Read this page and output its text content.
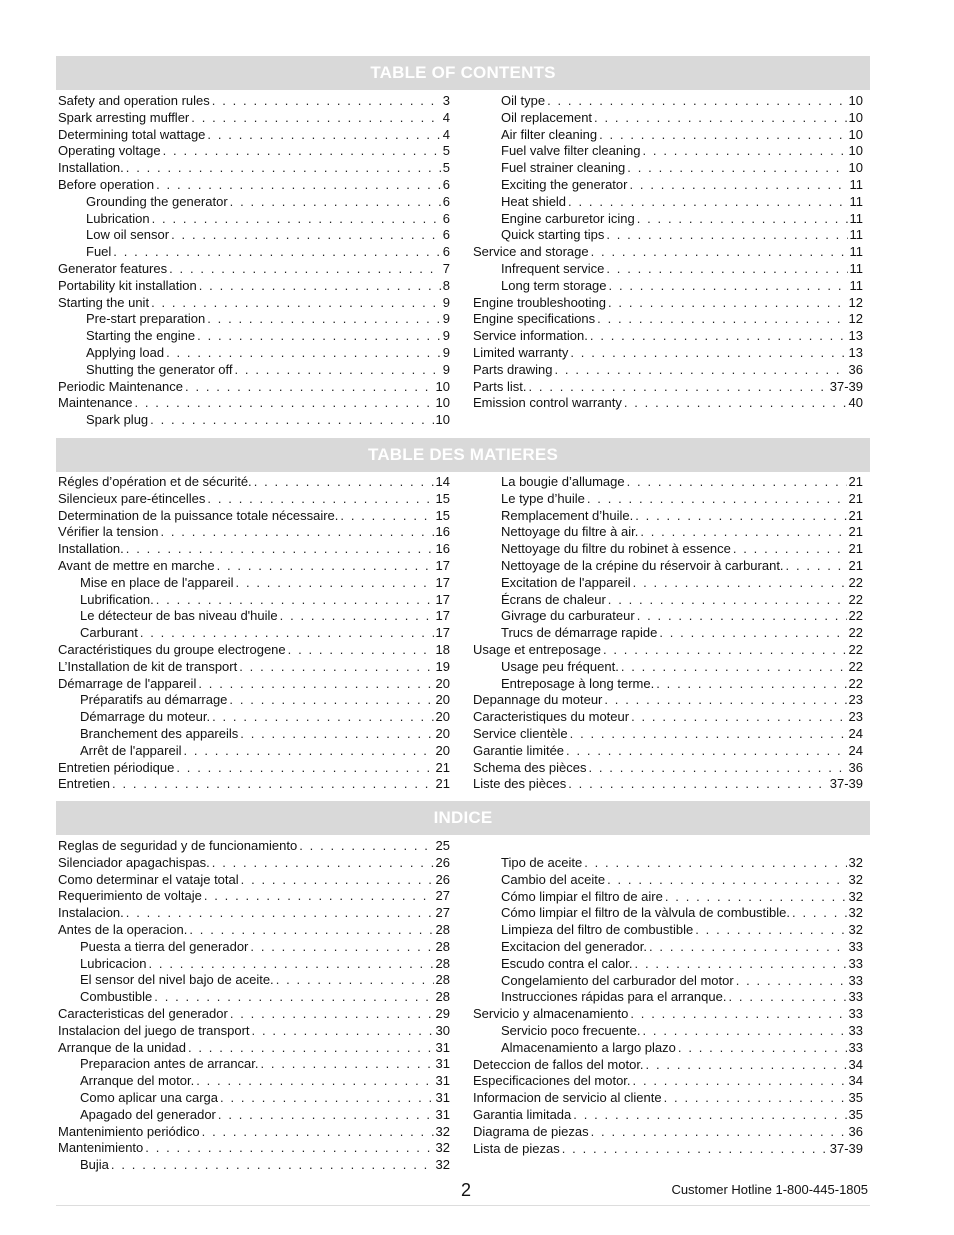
TABLE OF CONTENTS
Safety and operation rules . . .	3
Spark arresting muffler . . .	4
Determining total wattage . . .	4
Operating voltage . . .	5
Installation. . . .	5
Before operation . . .	6
Grounding the generator . . .	6
Lubrication . . .	6
Low oil sensor . . .	6
Fuel . . .	6
Generator features . . .	7
Portability kit installation . . .	8
Starting the unit . . .	9
Pre-start preparation . . .	9
Starting the engine . . .	9
Applying load . . .	9
Shutting the generator off . . .	9
Periodic Maintenance . . .	10
Maintenance . . .	10
Spark plug . . .	10
Oil type . . .	10
Oil replacement . . .	10
Air filter cleaning . . .	10
Fuel valve filter cleaning . . .	10
Fuel strainer cleaning . . .	10
Exciting the generator . . .	11
Heat shield . . .	11
Engine carburetor icing . . .	11
Quick starting tips . . .	11
Service and storage . . .	11
Infrequent service . . .	11
Long term storage . . .	11
Engine troubleshooting . . .	12
Engine specifications . . .	12
Service information. . . .	13
Limited warranty . . .	13
Parts drawing . . .	36
Parts list. . . .	37-39
Emission control warranty . . .	40
TABLE DES MATIERES
Régles d’opération et de sécurité. . . .	14
Silencieux pare-étincelles . . .	15
Determination de la puissance totale nécessaire. . . .	15
Vérifier la tension . . .	16
Installation. . . .	16
Avant de mettre en marche . . .	17
Mise en place de l'appareil . . .	17
Lubrification. . . .	17
Le détecteur de bas niveau d'huile . . .	17
Carburant . . .	17
Caractéristiques du groupe electrogene . . .	18
L’Installation de kit de transport . . .	19
Démarrage de l'appareil . . .	20
Préparatifs au démarrage . . .	20
Démarrage du moteur. . . .	20
Branchement des appareils . . .	20
Arrêt de l'appareil . . .	20
Entretien périodique . . .	21
Entretien . . .	21
La bougie d’allumage . . .	21
Le type d’huile . . .	21
Remplacement d’huile. . . .	21
Nettoyage du filtre à air. . . .	21
Nettoyage du filtre du robinet à essence . . .	21
Nettoyage de la crépine du réservoir à carburant. . . .	21
Excitation de l'appareil . . .	22
Écrans de chaleur . . .	22
Givrage du carburateur . . .	22
Trucs de démarrage rapide . . .	22
Usage et entreposage . . .	22
Usage peu fréquent. . . .	22
Entreposage à long terme. . . .	22
Depannage du moteur . . .	23
Caracteristiques du moteur . . .	23
Service clientèle . . .	24
Garantie limitée . . .	24
Schema des pièces . . .	36
Liste des pièces . . .	37-39
INDICE
Reglas de seguridad y de funcionamiento . . .	25
Silenciador apagachispas. . . .	26
Como determinar el vataje total . . .	26
Requerimiento de voltaje . . .	27
Instalacion. . . .	27
Antes de la operacion. . . .	28
Puesta a tierra del generador . . .	28
Lubricacion . . .	28
El sensor del nivel bajo de aceite. . . .	28
Combustible . . .	28
Caracteristicas del generador . . .	29
Instalacion del juego de transport . . .	30
Arranque de la unidad . . .	31
Preparacion antes de arrancar. . . .	31
Arranque del motor. . . .	31
Como aplicar una carga . . .	31
Apagado del generador . . .	31
Mantenimiento periódico . . .	32
Mantenimiento . . .	32
Bujia . . .	32
Tipo de aceite . . .	32
Cambio del aceite . . .	32
Cómo limpiar el filtro de aire . . .	32
Cómo limpiar el filtro de la vàlvula de combustible. . . .	32
Limpieza del filtro de combustible . . .	32
Excitacion del generador. . . .	33
Escudo contra el calor. . . .	33
Congelamiento del carburador del motor . . .	33
Instrucciones rápidas para el arranque. . . .	33
Servicio y almacenamiento . . .	33
Servicio poco frecuente. . . .	33
Almacenamiento a largo plazo . . .	33
Deteccion de fallos del motor. . . .	34
Especificaciones del motor. . . .	34
Informacion de servicio al cliente . . .	35
Garantia limitada . . .	35
Diagrama de piezas . . .	36
Lista de piezas . . .	37-39
2	Customer Hotline 1-800-445-1805
